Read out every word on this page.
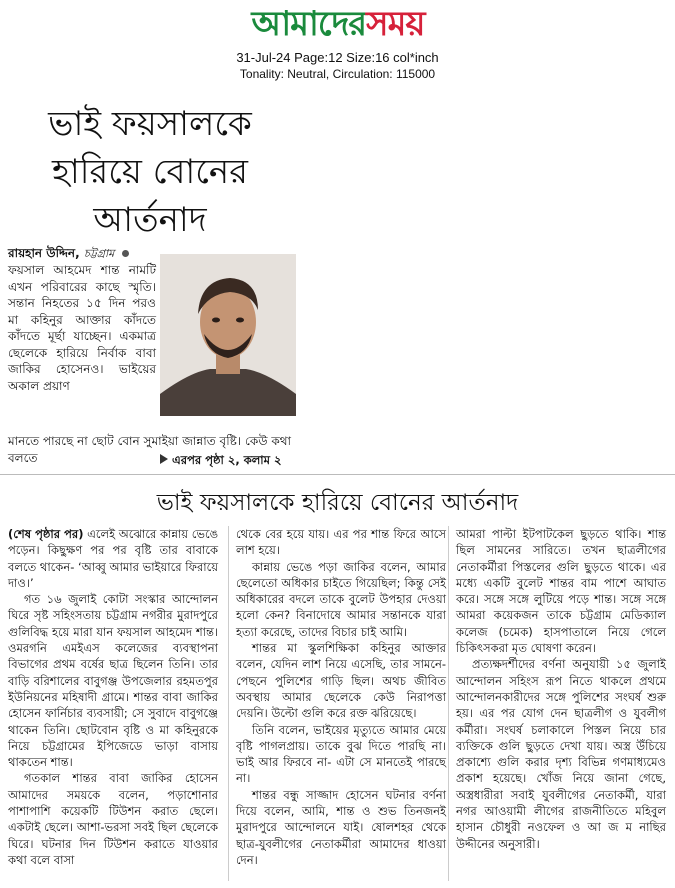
আমাদেরসময়
31-Jul-24 Page:12 Size:16 col*inch
Tonality: Neutral, Circulation: 115000
ভাই ফয়সালকে
হারিয়ে বোনের
আর্তনাদ
রায়হান উদ্দিন, চট্টগ্রাম
ফয়সাল আহমেদ শান্ত নামটি এখন পরিবারের কাছে স্মৃতি। সন্তান নিহতের ১৫ দিন পরও মা কহিনুর আক্তার কাঁদতে কাঁদতে মূর্ছা যাচ্ছেন। একমাত্র ছেলেকে হারিয়ে নির্বাক বাবা জাকির হোসেনও। ভাইয়ের অকাল প্রয়াণ
মানতে পারছে না ছোট বোন সুমাইয়া জান্নাত বৃষ্টি। কেউ কথা বলতে	এরপর পৃষ্ঠা ২, কলাম ২
ভাই ফয়সালকে হারিয়ে বোনের আর্তনাদ

(শেষ পৃষ্ঠার পর) এলেই অঝোরে কান্নায় ভেঙে পড়েন। কিছুক্ষণ পর পর বৃষ্টি তার বাবাকে বলতে থাকেন- ‘আব্বু আমার ভাইয়ারে ফিরায়ে দাও।’

গত ১৬ জুলাই কোটা সংস্কার আন্দোলন ঘিরে সৃষ্ট সহিংসতায় চট্টগ্রাম নগরীর মুরাদপুরে গুলিবিদ্ধ হয়ে মারা যান ফয়সাল আহমেদ শান্ত। ওমরগনি এমইএস কলেজের ব্যবস্থাপনা বিভাগের প্রথম বর্ষের ছাত্র ছিলেন তিনি। তার বাড়ি বরিশালের বাবুগঞ্জ উপজেলার রহমতপুর ইউনিয়নের মহিষাদী গ্রামে। শান্তর বাবা জাকির হোসেন ফার্নিচার ব্যবসায়ী; সে সুবাদে বাবুগঞ্জে থাকেন তিনি। ছোটবোন বৃষ্টি ও মা কহিনুরকে নিয়ে চট্টগ্রামের ইপিজেডে ভাড়া বাসায় থাকতেন শান্ত।

গতকাল শান্তর বাবা জাকির হোসেন আমাদের সময়কে বলেন, পড়াশোনার পাশাপাশি কয়েকটি টিউশন করাত ছেলে। একটাই ছেলে। আশা-ভরসা সবই ছিল ছেলেকে ঘিরে। ঘটনার দিন টিউশন করাতে যাওয়ার কথা বলে বাসা

থেকে বের হয়ে যায়। এর পর শান্ত ফিরে আসে লাশ হয়ে।

কান্নায় ভেঙে পড়া জাকির বলেন, আমার ছেলেতো অধিকার চাইতে গিয়েছিল; কিন্তু সেই অধিকারের বদলে তাকে বুলেট উপহার দেওয়া হলো কেন? বিনাদোষে আমার সন্তানকে যারা হত্যা করেছে, তাদের বিচার চাই আমি।

শান্তর মা স্কুলশিক্ষিকা কহিনুর আক্তার বলেন, যেদিন লাশ নিয়ে এসেছি, তার সামনে-পেছনে পুলিশের গাড়ি ছিল। অথচ জীবিত অবস্থায় আমার ছেলেকে কেউ নিরাপত্তা দেয়নি। উল্টো গুলি করে রক্ত ঝরিয়েছে।

তিনি বলেন, ভাইয়ের মৃত্যুতে আমার মেয়ে বৃষ্টি পাগলপ্রায়। তাকে বুঝ দিতে পারছি না। ভাই আর ফিরবে না- এটা সে মানতেই পারছে না।

শান্তর বন্ধু সাজ্জাদ হোসেন ঘটনার বর্ণনা দিয়ে বলেন, আমি, শান্ত ও শুভ তিনজনই মুরাদপুরে আন্দোলনে যাই। ষোলশহর থেকে ছাত্র-যুবলীগের নেতাকর্মীরা আমাদের ধাওয়া দেন।

আমরা পাল্টা ইটপাটকেল ছুড়তে থাকি। শান্ত ছিল সামনের সারিতে। তখন ছাত্রলীগের নেতাকর্মীরা পিস্তলের গুলি ছুড়তে থাকে। এর মধ্যে একটি বুলেট শান্তর বাম পাশে আঘাত করে। সঙ্গে সঙ্গে লুটিয়ে পড়ে শান্ত। সঙ্গে সঙ্গে আমরা কয়েকজন তাকে চট্টগ্রাম মেডিক্যাল কলেজ (চমেক) হাসপাতালে নিয়ে গেলে চিকিৎসকরা মৃত ঘোষণা করেন।

প্রত্যক্ষদর্শীদের বর্ণনা অনুযায়ী ১৫ জুলাই আন্দোলন সহিংস রূপ নিতে থাকলে প্রথমে আন্দোলনকারীদের সঙ্গে পুলিশের সংঘর্ষ শুরু হয়। এর পর যোগ দেন ছাত্রলীগ ও যুবলীগ কর্মীরা। সংঘর্ষ চলাকালে পিস্তল নিয়ে চার ব্যক্তিকে গুলি ছুড়তে দেখা যায়। অস্ত্র উঁচিয়ে প্রকাশ্যে গুলি করার দৃশ্য বিভিন্ন গণমাধ্যমেও প্রকাশ হয়েছে। খোঁজ নিয়ে জানা গেছে, অস্ত্রধারীরা সবাই যুবলীগের নেতাকর্মী, যারা নগর আওয়ামী লীগের রাজনীতিতে মহিবুল হাসান চৌধুরী নওফেল ও আ জ ম নাছির উদ্দীনের অনুসারী।
